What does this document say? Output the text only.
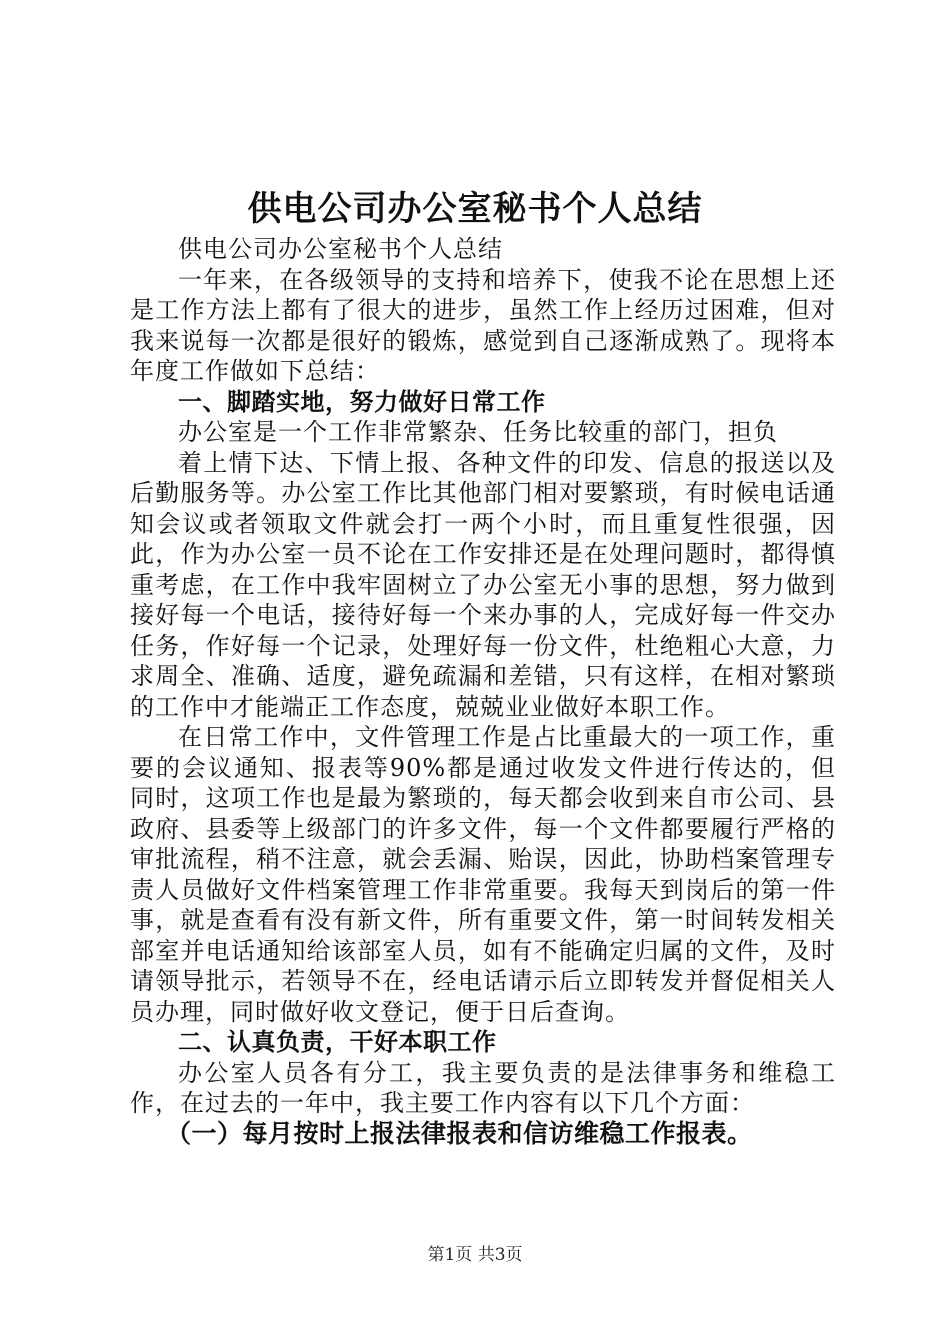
供电公司办公室秘书个人总结

供电公司办公室秘书个人总结

一年来，在各级领导的支持和培养下，使我不论在思想上还是工作方法上都有了很大的进步，虽然工作上经历过困难，但对我来说每一次都是很好的锻炼，感觉到自己逐渐成熟了。现将本年度工作做如下总结：

一、脚踏实地，努力做好日常工作

办公室是一个工作非常繁杂、任务比较重的部门，担负

着上情下达、下情上报、各种文件的印发、信息的报送以及后勤服务等。办公室工作比其他部门相对要繁琐，有时候电话通知会议或者领取文件就会打一两个小时，而且重复性很强，因此，作为办公室一员不论在工作安排还是在处理问题时，都得慎重考虑，在工作中我牢固树立了办公室无小事的思想，努力做到接好每一个电话，接待好每一个来办事的人，完成好每一件交办任务，作好每一个记录，处理好每一份文件，杜绝粗心大意，力求周全、准确、适度，避免疏漏和差错，只有这样，在相对繁琐的工作中才能端正工作态度，兢兢业业做好本职工作。

在日常工作中，文件管理工作是占比重最大的一项工作，重要的会议通知、报表等90%都是通过收发文件进行传达的，但同时，这项工作也是最为繁琐的，每天都会收到来自市公司、县政府、县委等上级部门的许多文件，每一个文件都要履行严格的审批流程，稍不注意，就会丢漏、贻误，因此，协助档案管理专责人员做好文件档案管理工作非常重要。我每天到岗后的第一件事，就是查看有没有新文件，所有重要文件，第一时间转发相关部室并电话通知给该部室人员，如有不能确定归属的文件，及时请领导批示，若领导不在，经电话请示后立即转发并督促相关人员办理，同时做好收文登记，便于日后查询。

二、认真负责，干好本职工作

办公室人员各有分工，我主要负责的是法律事务和维稳工作，在过去的一年中，我主要工作内容有以下几个方面：

（一）每月按时上报法律报表和信访维稳工作报表。

第1页 共3页
